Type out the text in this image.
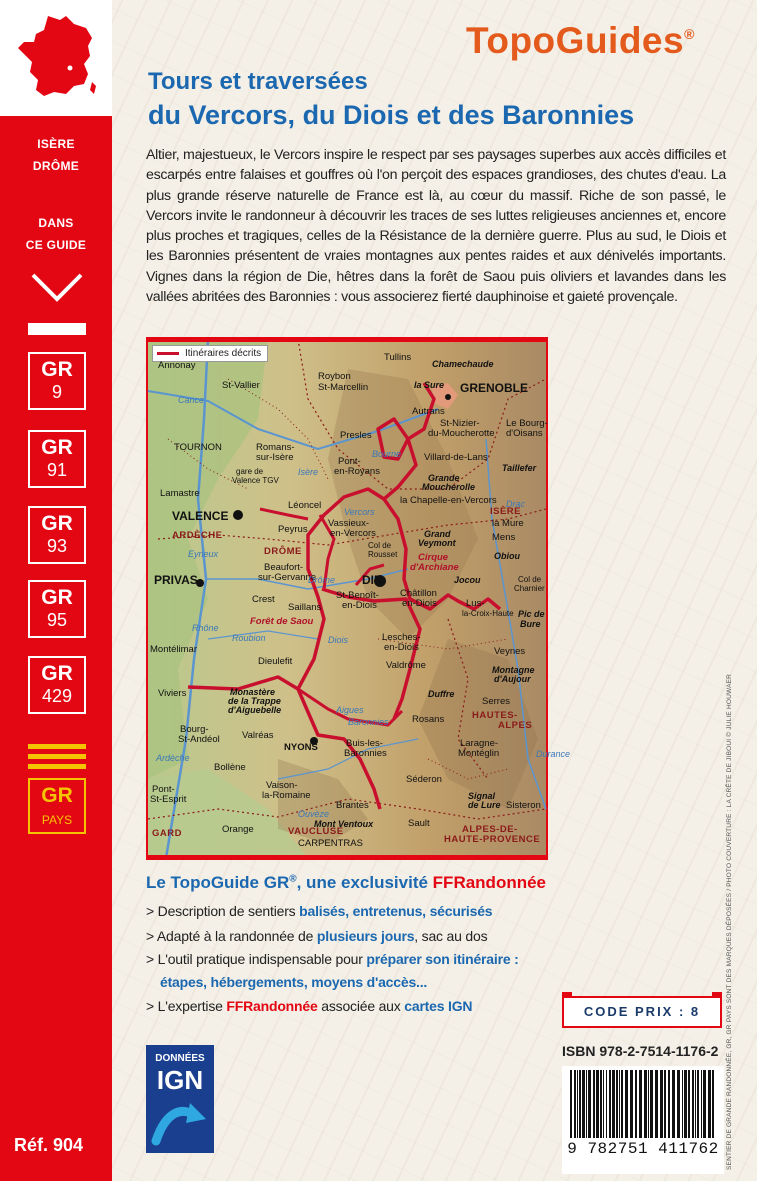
ISÈRE
DRÔME
DANS
CE GUIDE
GR
9
GR
91
GR
93
GR
95
GR
429
GR
PAYS
Réf. 904
TopoGuides®
Tours et traversées
du Vercors, du Diois et des Baronnies
Altier, majestueux, le Vercors inspire le respect par ses paysages superbes aux accès difficiles et escarpés entre falaises et gouffres où l'on perçoit des espaces grandioses, des chutes d'eau. La plus grande réserve naturelle de France est là, au cœur du massif. Riche de son passé, le Vercors invite le randonneur à découvrir les traces de ses luttes religieuses anciennes et, encore plus proches et tragiques, celles de la Résistance de la dernière guerre. Plus au sud, le Diois et les Baronnies présentent de vraies montagnes aux pentes raides et aux dénivelés importants. Vignes dans la région de Die, hêtres dans la forêt de Saou puis oliviers et lavandes dans les vallées abritées des Baronnies : vous associerez fierté dauphinoise et gaieté provençale.
Itinéraires décrits	Tullins
Chamechaude
Annonay
Roybon
la Sure GRENOBLE
St-Vallier	St-Marcellin
Autrans
Le Bourg-
d'Oisans
St-Nizier-
du-Moucherotte
TOURNON
Presles
Romans-
sur-Isère	Villard-de-Lans
Taillefer
Pont-
en-Royans
gare de
Valence TGV	Grande
Moucherolle
Lamastre
la Chapelle-en-Vercors
ISÈRE
Léoncel
la Mure
VALENCE
Vassieux-
en-Vercors	Grand
Veymont
ARDÈCHE
Peyrus
Mens
Col de
Rousset	Obiou
DRÔME
Cirque
d'Archiane
Beaufort-
sur-Gervanne
PRIVAS	DIE	Jocou	Col de
Charnier
Châtillon
en-Diois
Crest	St-Benoît-
en-Diois
Saillans	Lus-
la-Croix-Haute Pic de
Bure
Forêt de Saou
Roubion	Lesches-
en-Diois
Montélimar	Veynes
Dieulefit	Valdrôme	Montagne
d'Aujour
Monastère
de la Trappe
d'Aiguebelle
Viviers	Duffre
Serres
HAUTES-
ALPES
Rosans
Bourg-
St-Andéol Valréas
NYONS	Buis-les-
Baronnies
Laragne-
Montéglin
Bollène
Séderon
Vaison-
la-Romaine
Pont-
St-Esprit	Signal
de Lure
Brantes	Sisteron
Mont Ventoux	Sault
Orange	VAUCLUSE	ALPES-DE-
HAUTE-PROVENCE
GARD
CARPENTRAS
Vercors
Diois
Baronnies
Isère
Drôme
Rhône
Eyrieux
Cance
Bourne
Drac
Ouvèze
Aigues
Ardèche	Durance
Le TopoGuide GR®, une exclusivité FFRandonnée
> Description de sentiers balisés, entretenus, sécurisés
> Adapté à la randonnée de plusieurs jours, sac au dos
> L'outil pratique indispensable pour préparer son itinéraire :
étapes, hébergements, moyens d'accès...
> L'expertise FFRandonnée associée aux cartes IGN
DONNÉES
IGN
CODE PRIX : 8
ISBN 978-2-7514-1176-2
9 782751 411762	SENTIER DE GRANDE RANDONNÉE, GR, GR PAYS SONT DES MARQUES DÉPOSÉES / PHOTO COUVERTURE : LA CRÊTE DE JIBOUI © JULIE HOUWAER
